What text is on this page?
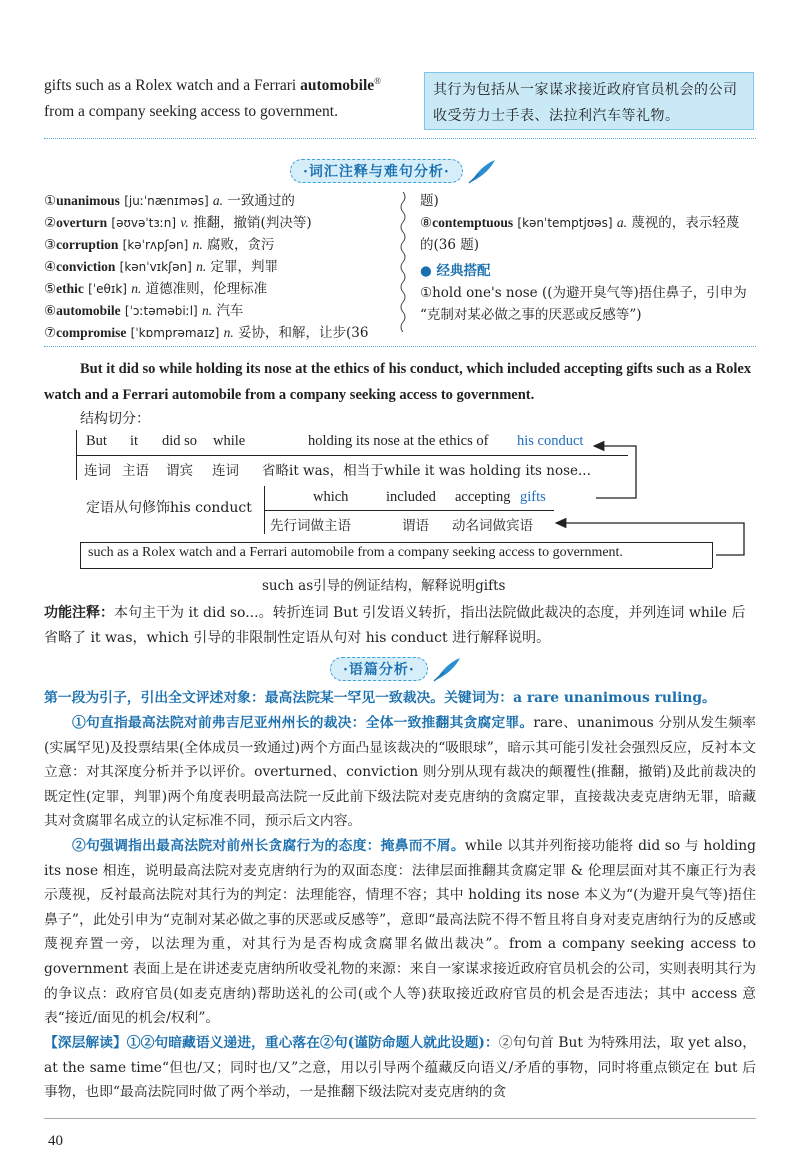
gifts such as a Rolex watch and a Ferrari automobile®
from a company seeking access to government.
其行为包括从一家谋求接近政府官员机会的公司收受劳力士手表、法拉利汽车等礼物。
·词汇注释与难句分析·
①unanimous [juːˈnænɪməs] a. 一致通过的
②overturn [əʊvəˈtɜːn] v. 推翻，撤销(判决等)
③corruption [kəˈrʌpʃən] n. 腐败，贪污
④conviction [kənˈvɪkʃən] n. 定罪，判罪
⑤ethic [ˈeθɪk] n. 道德准则，伦理标准
⑥automobile [ˈɔːtəməbiːl] n. 汽车
⑦compromise [ˈkɒmprəmaɪz] n. 妥协，和解，让步(36
题)
⑧contemptuous [kənˈtemptjʊəs] a. 蔑视的，表示轻蔑
的(36 题)
● 经典搭配
①hold one's nose ((为避开臭气等)捂住鼻子，引申为
“克制对某必做之事的厌恶或反感等”)
But it did so while holding its nose at the ethics of his conduct, which included accepting gifts such as a Rolex watch and a Ferrari automobile from a company seeking access to government.
结构切分：
But it did so while	holding its nose at the ethics of his conduct
连词 主语 谓宾 连词 省略it was，相当于while it was holding its nose...
定语从句修饰his conduct
which	included accepting gifts
先行词做主语	谓语 动名词做宾语
such as a Rolex watch and a Ferrari automobile from a company seeking access to government.
such as引导的例证结构，解释说明gifts
功能注释：本句主干为 it did so...。转折连词 But 引发语义转折，指出法院做此裁决的态度，并列连词 while 后省略了 it was，which 引导的非限制性定语从句对 his conduct 进行解释说明。
·语篇分析·
第一段为引子，引出全文评述对象：最高法院某一罕见一致裁决。关键词为：a rare unanimous ruling。
①句直指最高法院对前弗吉尼亚州州长的裁决：全体一致推翻其贪腐定罪。rare、unanimous 分别从发生频率(实属罕见)及投票结果(全体成员一致通过)两个方面凸显该裁决的“吸眼球”，暗示其可能引发社会强烈反应，反衬本文立意：对其深度分析并予以评价。overturned、conviction 则分别从现有裁决的颠覆性(推翻，撤销)及此前裁决的既定性(定罪，判罪)两个角度表明最高法院一反此前下级法院对麦克唐纳的贪腐定罪，直接裁决麦克唐纳无罪，暗藏其对贪腐罪名成立的认定标准不同，预示后文内容。
②句强调指出最高法院对前州长贪腐行为的态度：掩鼻而不屑。while 以其并列衔接功能将 did so 与 holding its nose 相连，说明最高法院对麦克唐纳行为的双面态度：法律层面推翻其贪腐定罪 & 伦理层面对其不廉正行为表示蔑视，反衬最高法院对其行为的判定：法理能容，情理不容；其中 holding its nose 本义为“(为避开臭气等)捂住鼻子”，此处引申为“克制对某必做之事的厌恶或反感等”，意即“最高法院不得不暂且将自身对麦克唐纳行为的反感或蔑视弃置一旁，以法理为重，对其行为是否构成贪腐罪名做出裁决”。from a company seeking access to government 表面上是在讲述麦克唐纳所收受礼物的来源：来自一家谋求接近政府官员机会的公司，实则表明其行为的争议点：政府官员(如麦克唐纳)帮助送礼的公司(或个人等)获取接近政府官员的机会是否违法；其中 access 意表“接近/面见的机会/权利”。
【深层解读】①②句暗藏语义递进，重心落在②句(谨防命题人就此设题)：②句句首 But 为特殊用法，取 yet also，at the same time“但也/又；同时也/又”之意，用以引导两个蕴藏反向语义/矛盾的事物，同时将重点锁定在 but 后事物，也即“最高法院同时做了两个举动，一是推翻下级法院对麦克唐纳的贪
40
